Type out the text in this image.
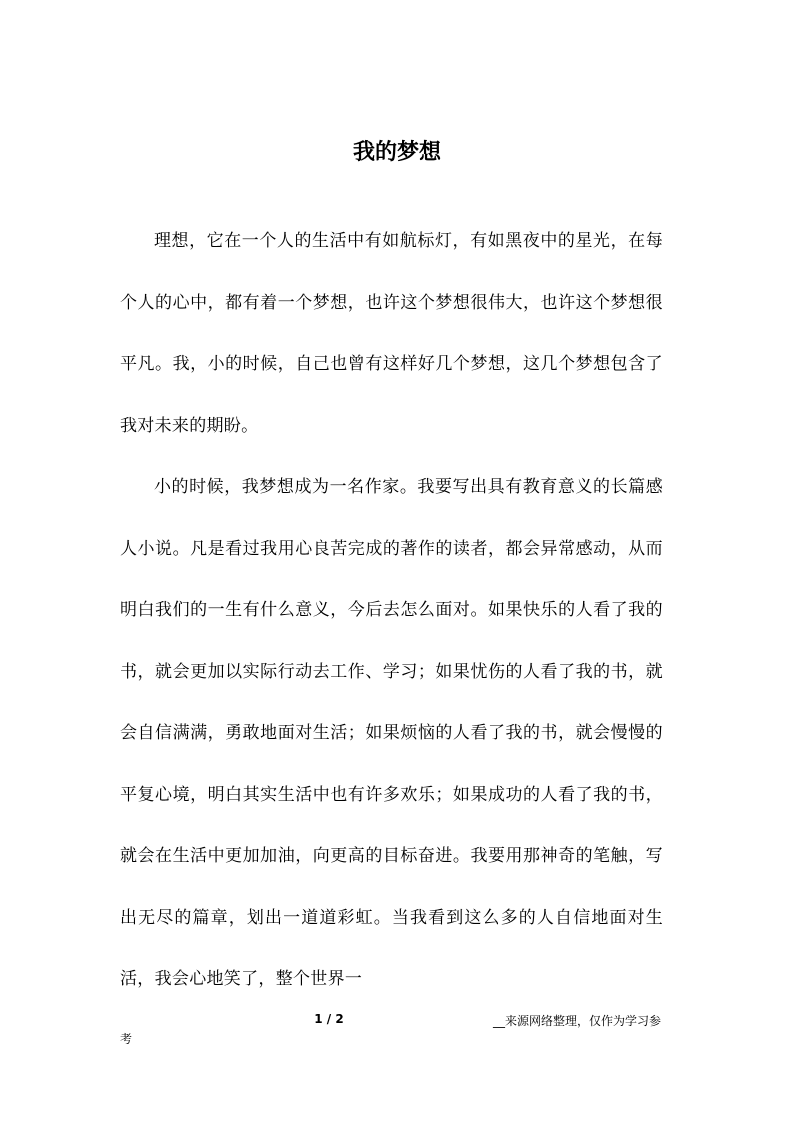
我的梦想

理想，它在一个人的生活中有如航标灯，有如黑夜中的星光，在每个人的心中，都有着一个梦想，也许这个梦想很伟大，也许这个梦想很平凡。我，小的时候，自己也曾有这样好几个梦想，这几个梦想包含了我对未来的期盼。

小的时候，我梦想成为一名作家。我要写出具有教育意义的长篇感人小说。凡是看过我用心良苦完成的著作的读者，都会异常感动，从而明白我们的一生有什么意义，今后去怎么面对。如果快乐的人看了我的书，就会更加以实际行动去工作、学习；如果忧伤的人看了我的书，就会自信满满，勇敢地面对生活；如果烦恼的人看了我的书，就会慢慢的平复心境，明白其实生活中也有许多欢乐；如果成功的人看了我的书，就会在生活中更加加油，向更高的目标奋进。我要用那神奇的笔触，写出无尽的篇章，划出一道道彩虹。当我看到这么多的人自信地面对生活，我会心地笑了，整个世界一

1 / 2	__来源网络整理，仅作为学习参
考
